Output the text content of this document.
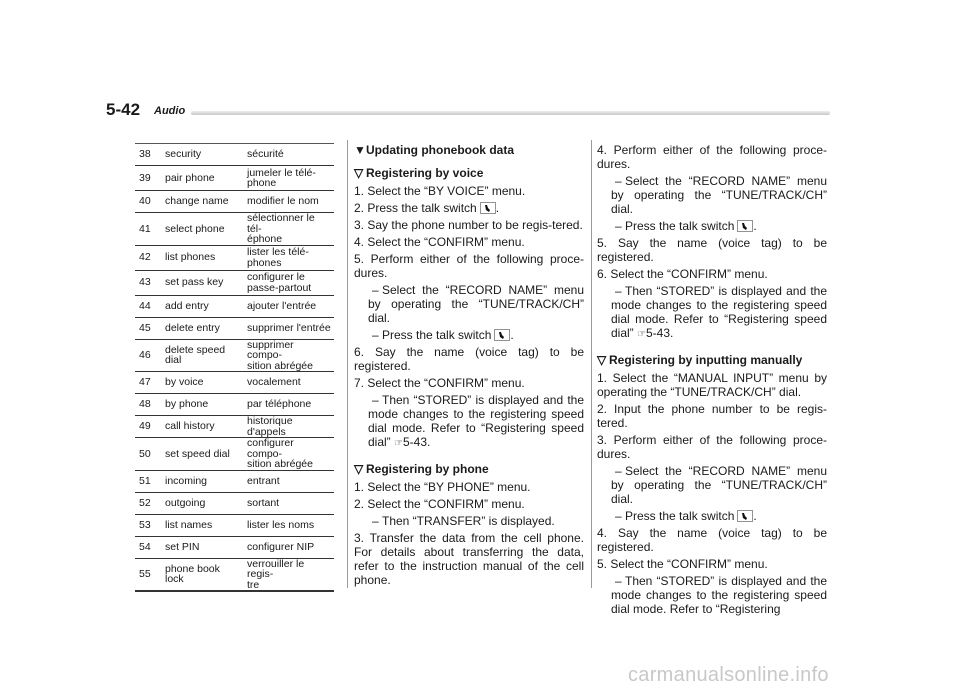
5-42 Audio
38	security	sécurité
39	pair phone	jumeler le télé-
phone
40	change name	modifier le nom
41	select phone	sélectionner le tél-
éphone
42	list phones	lister les télé-
phones
43	set pass key	configurer le
passe-partout
44	add entry	ajouter l'entrée
45	delete entry	supprimer l'entrée
46	delete speed dial	supprimer compo-
sition abrégée
47	by voice	vocalement
48	by phone	par téléphone
49	call history	historique d'appels
50	set speed dial	configurer compo-
sition abrégée
51	incoming	entrant
52	outgoing	sortant
53	list names	lister les noms
54	set PIN	configurer NIP
55	phone book lock	verrouiller le regis-
tre

▼Updating phonebook data

▽ Registering by voice

1. Select the “BY VOICE” menu.

2. Press the talk switch .

3. Say the phone number to be regis-tered.

4. Select the “CONFIRM” menu.

5. Perform either of the following proce-dures.

– Select the “RECORD NAME” menu by operating the “TUNE/TRACK/CH” dial.

– Press the talk switch .

6. Say the name (voice tag) to be registered.

7. Select the “CONFIRM” menu.

– Then “STORED” is displayed and the mode changes to the registering speed dial mode. Refer to “Registering speed dial” ☞5-43.

▽ Registering by phone

1. Select the “BY PHONE” menu.

2. Select the “CONFIRM” menu.

– Then “TRANSFER” is displayed.

3. Transfer the data from the cell phone. For details about transferring the data, refer to the instruction manual of the cell phone.

4. Perform either of the following proce-dures.

– Select the “RECORD NAME” menu by operating the “TUNE/TRACK/CH” dial.

– Press the talk switch .

5. Say the name (voice tag) to be registered.

6. Select the “CONFIRM” menu.

– Then “STORED” is displayed and the mode changes to the registering speed dial mode. Refer to “Registering speed dial” ☞5-43.

▽ Registering by inputting manually

1. Select the “MANUAL INPUT” menu by operating the “TUNE/TRACK/CH” dial.

2. Input the phone number to be regis-tered.

3. Perform either of the following proce-dures.

– Select the “RECORD NAME” menu by operating the “TUNE/TRACK/CH” dial.

– Press the talk switch .

4. Say the name (voice tag) to be registered.

5. Select the “CONFIRM” menu.

– Then “STORED” is displayed and the mode changes to the registering speed dial mode. Refer to “Registering

carmanualsonline.info
